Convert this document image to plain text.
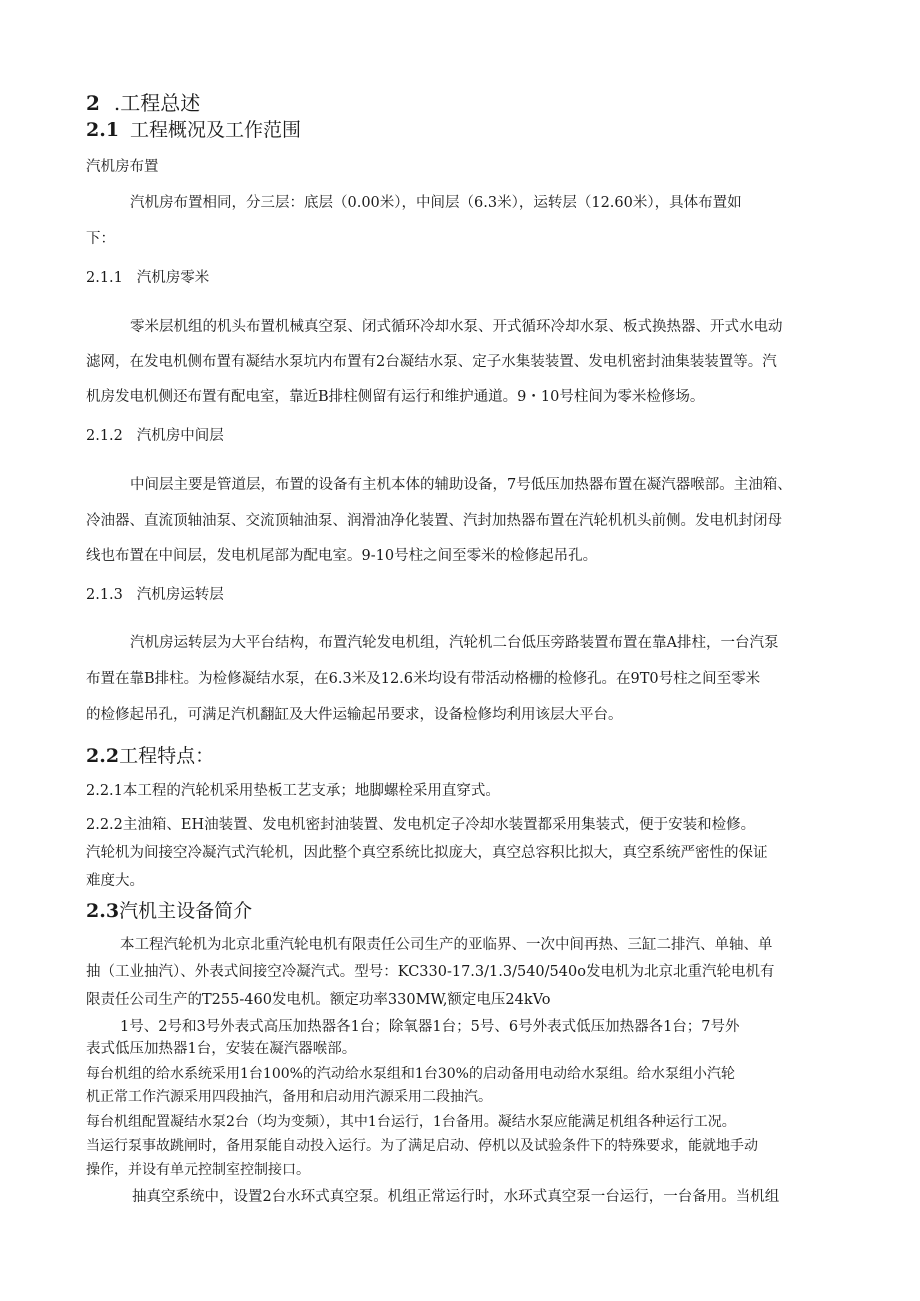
2 .工程总述
2.1 工程概况及工作范围
汽机房布置
汽机房布置相同，分三层：底层（0.00米），中间层（6.3米），运转层（12.60米），具体布置如
下：
2.1.1 汽机房零米
零米层机组的机头布置机械真空泵、闭式循环冷却水泵、开式循环冷却水泵、板式换热器、开式水电动
滤网，在发电机侧布置有凝结水泵坑内布置有2台凝结水泵、定子水集装装置、发电机密封油集装装置等。汽
机房发电机侧还布置有配电室，靠近B排柱侧留有运行和维护通道。9・10号柱间为零米检修场。
2.1.2 汽机房中间层
中间层主要是管道层，布置的设备有主机本体的辅助设备，7号低压加热器布置在凝汽器喉部。主油箱、
冷油器、直流顶轴油泵、交流顶轴油泵、润滑油净化装置、汽封加热器布置在汽轮机机头前侧。发电机封闭母
线也布置在中间层，发电机尾部为配电室。9-10号柱之间至零米的检修起吊孔。
2.1.3 汽机房运转层
汽机房运转层为大平台结构，布置汽轮发电机组，汽轮机二台低压旁路装置布置在靠A排柱，一台汽泵
布置在靠B排柱。为检修凝结水泵，在6.3米及12.6米均设有带活动格栅的检修孔。在9T0号柱之间至零米
的检修起吊孔，可满足汽机翻缸及大件运输起吊要求，设备检修均利用该层大平台。
2.2工程特点：
2.2.1本工程的汽轮机采用垫板工艺支承；地脚螺栓采用直穿式。
2.2.2主油箱、EH油装置、发电机密封油装置、发电机定子冷却水装置都采用集装式，便于安装和检修。
汽轮机为间接空冷凝汽式汽轮机，因此整个真空系统比拟庞大，真空总容积比拟大，真空系统严密性的保证
难度大。
2.3汽机主设备简介
本工程汽轮机为北京北重汽轮电机有限责任公司生产的亚临界、一次中间再热、三缸二排汽、单轴、单
抽（工业抽汽）、外表式间接空冷凝汽式。型号：KC330-17.3/1.3/540/540o发电机为北京北重汽轮电机有
限责任公司生产的T255-460发电机。额定功率330MW,额定电压24kVo
1号、2号和3号外表式高压加热器各1台；除氧器1台；5号、6号外表式低压加热器各1台；7号外
表式低压加热器1台，安装在凝汽器喉部。
每台机组的给水系统采用1台100%的汽动给水泵组和1台30%的启动备用电动给水泵组。给水泵组小汽轮
机正常工作汽源采用四段抽汽，备用和启动用汽源采用二段抽汽。
每台机组配置凝结水泵2台（均为变频），其中1台运行，1台备用。凝结水泵应能满足机组各种运行工况。
当运行泵事故跳闸时，备用泵能自动投入运行。为了满足启动、停机以及试验条件下的特殊要求，能就地手动
操作，并设有单元控制室控制接口。
抽真空系统中，设置2台水环式真空泵。机组正常运行时，水环式真空泵一台运行，一台备用。当机组
